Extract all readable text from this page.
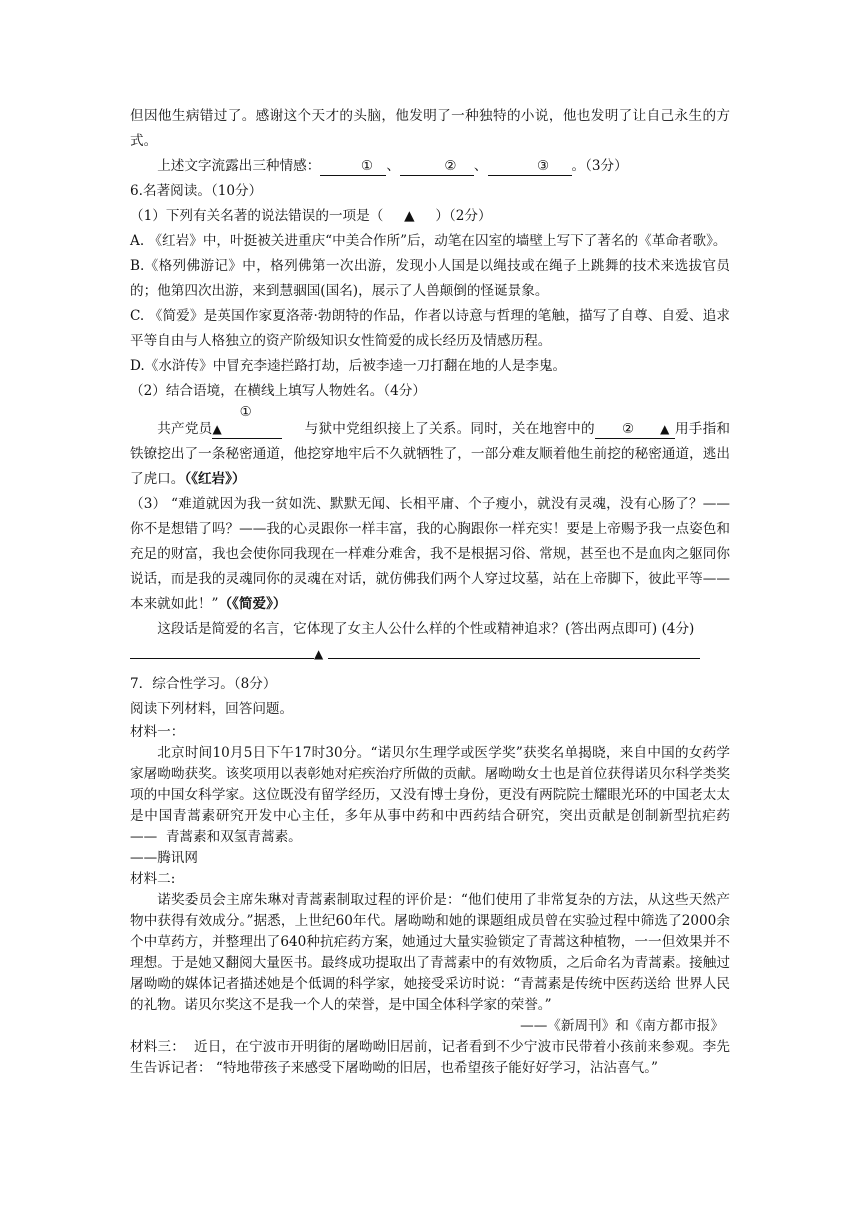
但因他生病错过了。感谢这个天才的头脑，他发明了一种独特的小说，他也发明了让自己永生的方式。

上述文字流露出三种情感：	① 、	② 、	③ 。（3分）

6.名著阅读。（10分）

（1）下列有关名著的说法错误的一项是（ ▲ ）（2分）

A. 《红岩》中，叶挺被关进重庆“中美合作所”后，动笔在囚室的墙壁上写下了著名的《革命者歌》。

B.《格列佛游记》中，格列佛第一次出游，发现小人国是以绳技或在绳子上跳舞的技术来选拔官员的；他第四次出游，来到慧骃国(国名)，展示了人兽颠倒的怪诞景象。

C. 《简爱》是英国作家夏洛蒂·勃朗特的作品，作者以诗意与哲理的笔触，描写了自尊、自爱、追求平等自由与人格独立的资产阶级知识女性简爱的成长经历及情感历程。

D.《水浒传》中冒充李逵拦路打劫，后被李逵一刀打翻在地的人是李鬼。

（2）结合语境，在横线上填写人物姓名。（4分）

共产党员①▲	与狱中党组织接上了关系。同时，关在地窖中的 ② ▲ 用手指和铁镣挖出了一条秘密通道，他挖穿地牢后不久就牺牲了，一部分难友顺着他生前挖的秘密通道，逃出了虎口。（《红岩》）

（3） “难道就因为我一贫如洗、默默无闻、长相平庸、个子瘦小，就没有灵魂，没有心肠了？——你不是想错了吗？——我的心灵跟你一样丰富，我的心胸跟你一样充实！要是上帝赐予我一点姿色和充足的财富，我也会使你同我现在一样难分难舍，我不是根据习俗、常规，甚至也不是血肉之躯同你说话，而是我的灵魂同你的灵魂在对话，就仿佛我们两个人穿过坟墓，站在上帝脚下，彼此平等——本来就如此！”（《简爱》）

这段话是简爱的名言，它体现了女主人公什么样的个性或精神追求？(答出两点即可) (4分)

▲

7．综合性学习。（8分）

阅读下列材料，回答问题。

材料一：

北京时间10月5日下午17时30分。“诺贝尔生理学或医学奖”获奖名单揭晓，来自中国的女药学家屠呦呦获奖。该奖项用以表彰她对疟疾治疗所做的贡献。屠呦呦女士也是首位获得诺贝尔科学类奖项的中国女科学家。这位既没有留学经历，又没有博士身份，更没有两院院士耀眼光环的中国老太太是中国青蒿素研究开发中心主任，多年从事中药和中西药结合研究，突出贡献是创制新型抗疟药—— 青蒿素和双氢青蒿素。

——腾讯网

材料二:

诺奖委员会主席朱琳对青蒿素制取过程的评价是：“他们使用了非常复杂的方法，从这些天然产物中获得有效成分。”据悉，上世纪60年代。屠呦呦和她的课题组成员曾在实验过程中筛选了2000余个中草药方，并整理出了640种抗疟药方案，她通过大量实验锁定了青蒿这种植物，一一但效果并不理想。于是她又翻阅大量医书。最终成功提取出了青蒿素中的有效物质，之后命名为青蒿素。接触过屠呦呦的媒体记者描述她是个低调的科学家，她接受采访时说：“青蒿素是传统中医药送给 世界人民的礼物。诺贝尔奖这不是我一个人的荣誉，是中国全体科学家的荣誉。”

——《新周刊》和《南方都市报》

材料三： 近日，在宁波市开明街的屠呦呦旧居前，记者看到不少宁波市民带着小孩前来参观。李先生告诉记者： “特地带孩子来感受下屠呦呦的旧居，也希望孩子能好好学习，沾沾喜气。”
